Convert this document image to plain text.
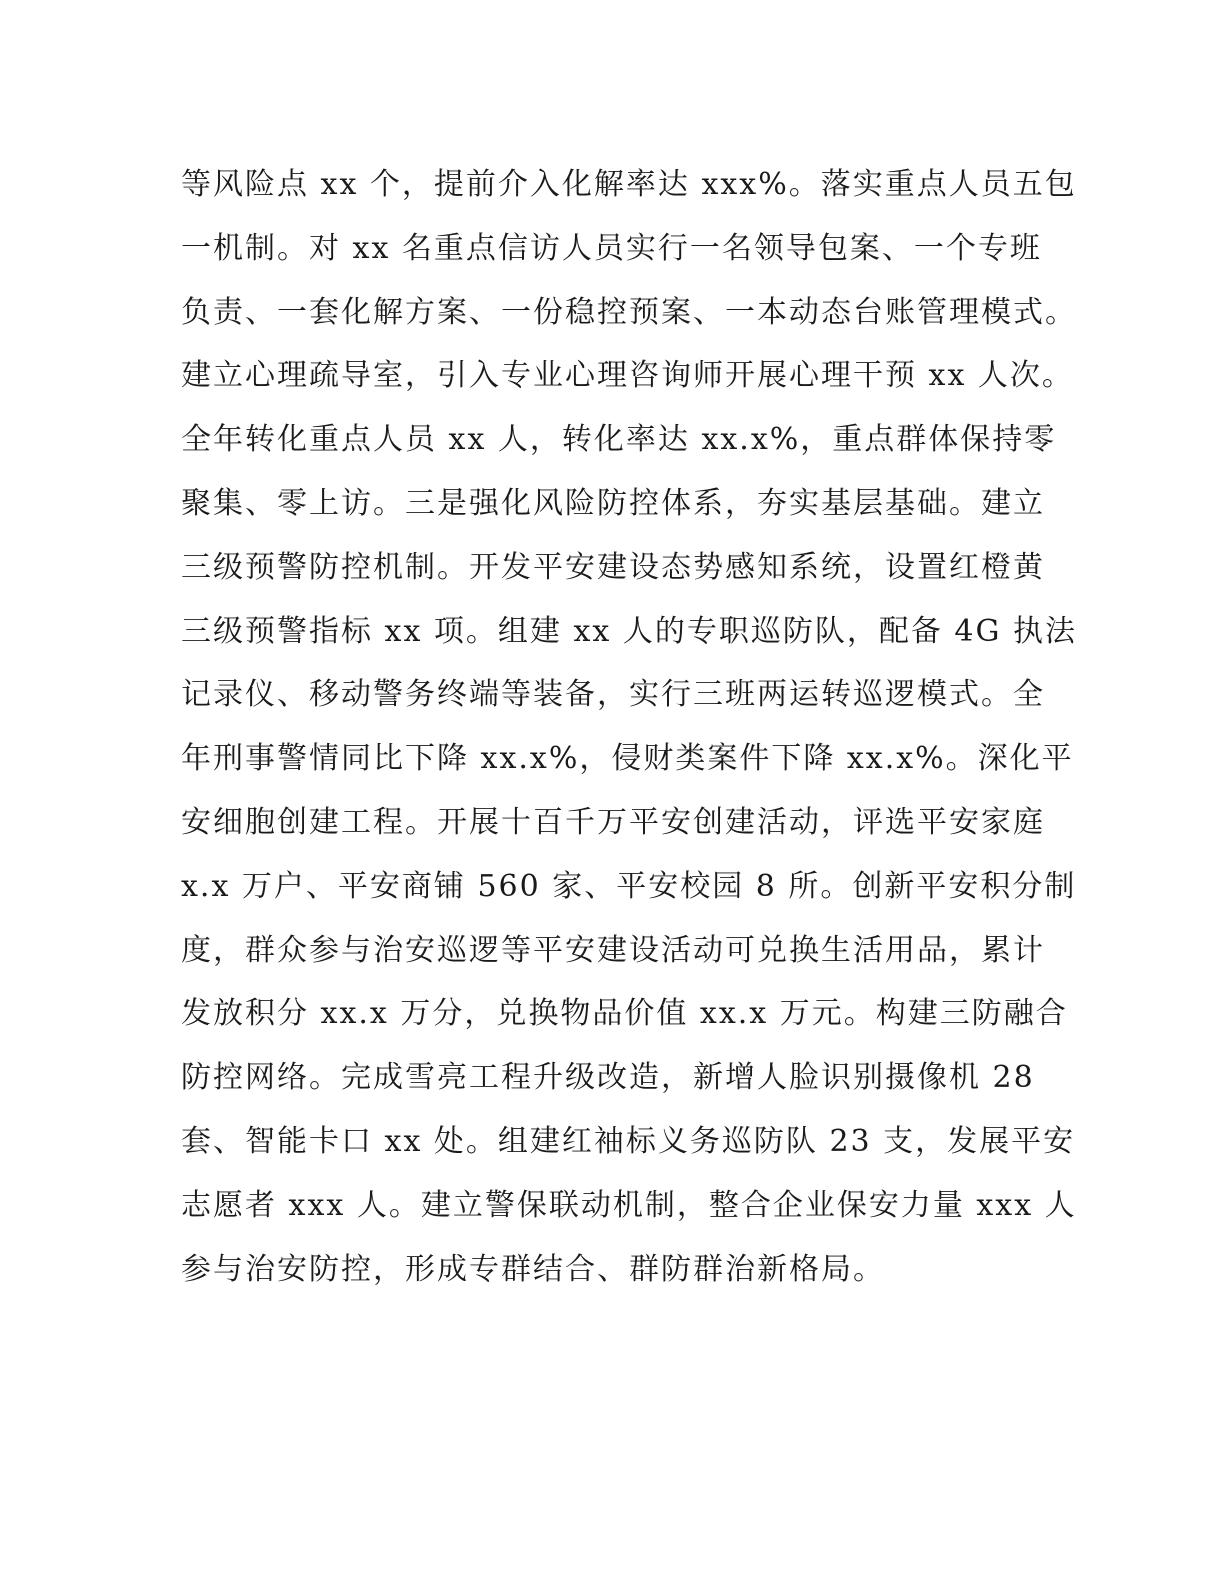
等风险点 xx 个，提前介入化解率达 xxx%。落实重点人员五包
一机制。对 xx 名重点信访人员实行一名领导包案、一个专班
负责、一套化解方案、一份稳控预案、一本动态台账管理模式。
建立心理疏导室，引入专业心理咨询师开展心理干预 xx 人次。
全年转化重点人员 xx 人，转化率达 xx.x%，重点群体保持零
聚集、零上访。三是强化风险防控体系，夯实基层基础。建立
三级预警防控机制。开发平安建设态势感知系统，设置红橙黄
三级预警指标 xx 项。组建 xx 人的专职巡防队，配备 4G 执法
记录仪、移动警务终端等装备，实行三班两运转巡逻模式。全
年刑事警情同比下降 xx.x%，侵财类案件下降 xx.x%。深化平
安细胞创建工程。开展十百千万平安创建活动，评选平安家庭
x.x 万户、平安商铺 560 家、平安校园 8 所。创新平安积分制
度，群众参与治安巡逻等平安建设活动可兑换生活用品，累计
发放积分 xx.x 万分，兑换物品价值 xx.x 万元。构建三防融合
防控网络。完成雪亮工程升级改造，新增人脸识别摄像机 28
套、智能卡口 xx 处。组建红袖标义务巡防队 23 支，发展平安
志愿者 xxx 人。建立警保联动机制，整合企业保安力量 xxx 人
参与治安防控，形成专群结合、群防群治新格局。
